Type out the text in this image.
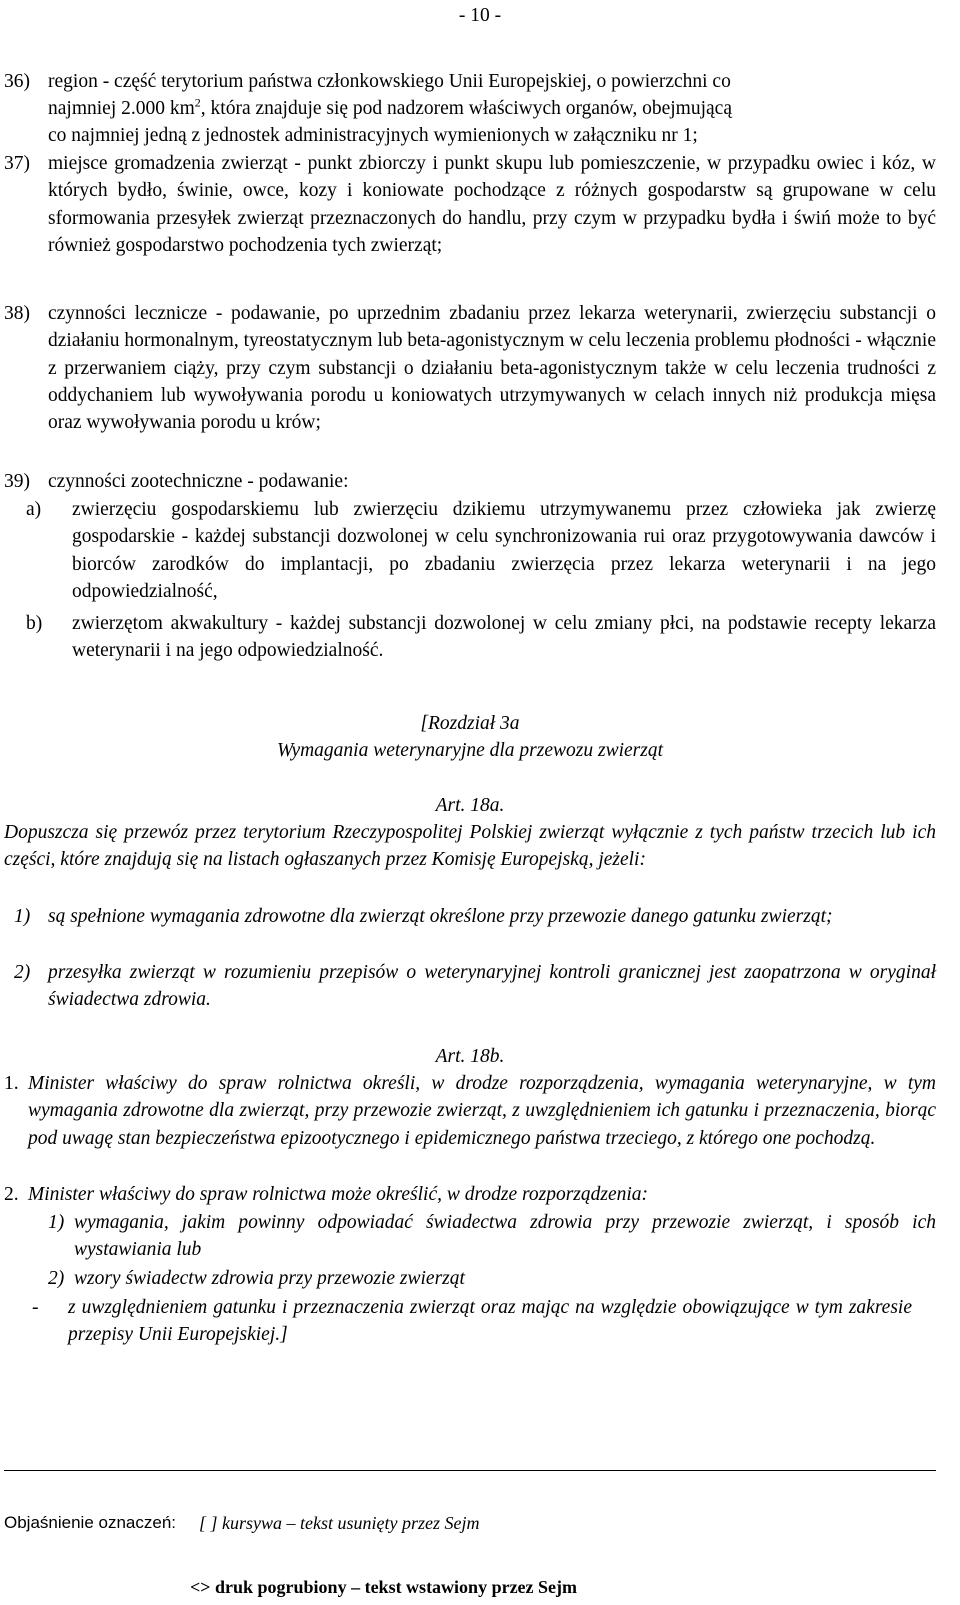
- 10 -
36) region - część terytorium państwa członkowskiego Unii Europejskiej, o powierzchni co
najmniej 2.000 $km^2$, która znajduje się pod nadzorem właściwych organów, obejmującą
co najmniej jedną z jednostek administracyjnych wymienionych w załączniku nr 1;
37) miejsce gromadzenia zwierząt - punkt zbiorczy i punkt skupu lub pomieszczenie, w przypadku owiec i kóz, w których bydło, świnie, owce, kozy i koniowate pochodzące z różnych gospodarstw są grupowane w celu sformowania przesyłek zwierząt przeznaczonych do handlu, przy czym w przypadku bydła i świń może to być również gospodarstwo pochodzenia tych zwierząt;
38) czynności lecznicze - podawanie, po uprzednim zbadaniu przez lekarza weterynarii, zwierzęciu substancji o działaniu hormonalnym, tyreostatycznym lub beta-agonistycznym w celu leczenia problemu płodności - włącznie z przerwaniem ciąży, przy czym substancji o działaniu beta-agonistycznym także w celu leczenia trudności z oddychaniem lub wywoływania porodu u koniowatych utrzymywanych w celach innych niż produkcja mięsa oraz wywoływania porodu u krów;
39) czynności zootechniczne - podawanie:
a) zwierzęciu gospodarskiemu lub zwierzęciu dzikiemu utrzymywanemu przez człowieka jak zwierzę gospodarskie - każdej substancji dozwolonej w celu synchronizowania rui oraz przygotowywania dawców i biorców zarodków do implantacji, po zbadaniu zwierzęcia przez lekarza weterynarii i na jego odpowiedzialność,
b) zwierzętom akwakultury - każdej substancji dozwolonej w celu zmiany płci, na podstawie recepty lekarza weterynarii i na jego odpowiedzialność.
[Rozdział 3a
Wymagania weterynaryjne dla przewozu zwierząt
Art. 18a.
Dopuszcza się przewóz przez terytorium Rzeczypospolitej Polskiej zwierząt wyłącznie z tych państw trzecich lub ich części, które znajdują się na listach ogłaszanych przez Komisję Europejską, jeżeli:
1) są spełnione wymagania zdrowotne dla zwierząt określone przy przewozie danego gatunku zwierząt;
2) przesyłka zwierząt w rozumieniu przepisów o weterynaryjnej kontroli granicznej jest zaopatrzona w oryginał świadectwa zdrowia.
Art. 18b.
1. Minister właściwy do spraw rolnictwa określi, w drodze rozporządzenia, wymagania weterynaryjne, w tym wymagania zdrowotne dla zwierząt, przy przewozie zwierząt, z uwzględnieniem ich gatunku i przeznaczenia, biorąc pod uwagę stan bezpieczeństwa epizootycznego i epidemicznego państwa trzeciego, z którego one pochodzą.
2. Minister właściwy do spraw rolnictwa może określić, w drodze rozporządzenia:
1) wymagania, jakim powinny odpowiadać świadectwa zdrowia przy przewozie zwierząt, i sposób ich wystawiania lub
2) wzory świadectw zdrowia przy przewozie zwierząt
- z uwzględnieniem gatunku i przeznaczenia zwierząt oraz mając na względzie obowiązujące w tym zakresie przepisy Unii Europejskiej.]
Objaśnienie oznaczeń: [ ] kursywa – tekst usunięty przez Sejm
<> druk pogrubiony – tekst wstawiony przez Sejm
